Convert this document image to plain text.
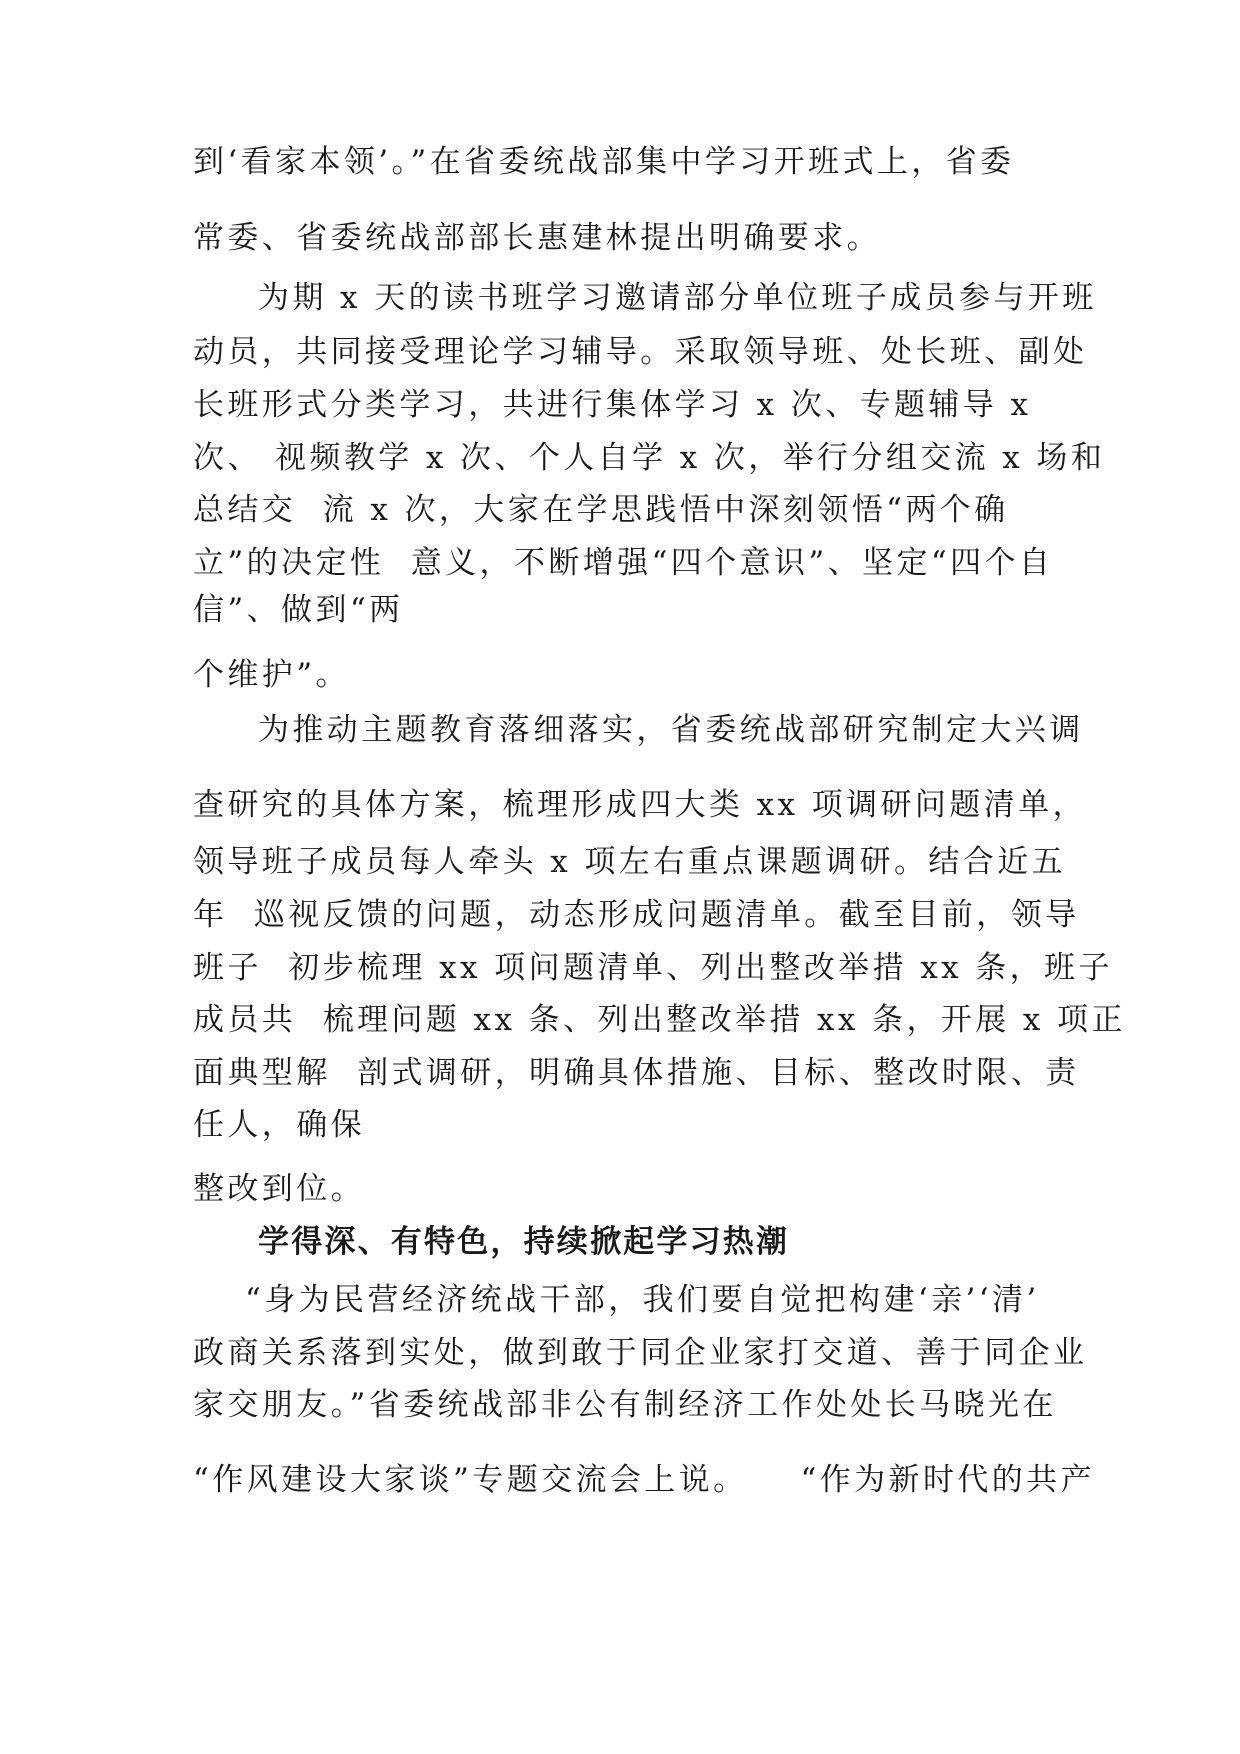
到‘看家本领’。”在省委统战部集中学习开班式上，省委

常委、省委统战部部长惠建林提出明确要求。

为期 x 天的读书班学习邀请部分单位班子成员参与开班

动员，共同接受理论学习辅导。采取领导班、处长班、副处

长班形式分类学习，共进行集体学习 x 次、专题辅导 x

次、 视频教学 x 次、个人自学 x 次，举行分组交流 x 场和

总结交  流 x 次，大家在学思践悟中深刻领悟“两个确

立”的决定性  意义，不断增强“四个意识”、坚定“四个自

信”、做到“两

个维护”。

为推动主题教育落细落实，省委统战部研究制定大兴调

查研究的具体方案，梳理形成四大类 xx 项调研问题清单，

领导班子成员每人牵头 x 项左右重点课题调研。结合近五

年  巡视反馈的问题，动态形成问题清单。截至目前，领导

班子  初步梳理 xx 项问题清单、列出整改举措 xx 条，班子

成员共  梳理问题 xx 条、列出整改举措 xx 条，开展 x 项正

面典型解  剖式调研，明确具体措施、目标、整改时限、责

任人，确保

整改到位。

学得深、有特色，持续掀起学习热潮

“身为民营经济统战干部，我们要自觉把构建‘亲’‘清’

政商关系落到实处，做到敢于同企业家打交道、善于同企业

家交朋友。”省委统战部非公有制经济工作处处长马晓光在

“作风建设大家谈”专题交流会上说。    “作为新时代的共产
